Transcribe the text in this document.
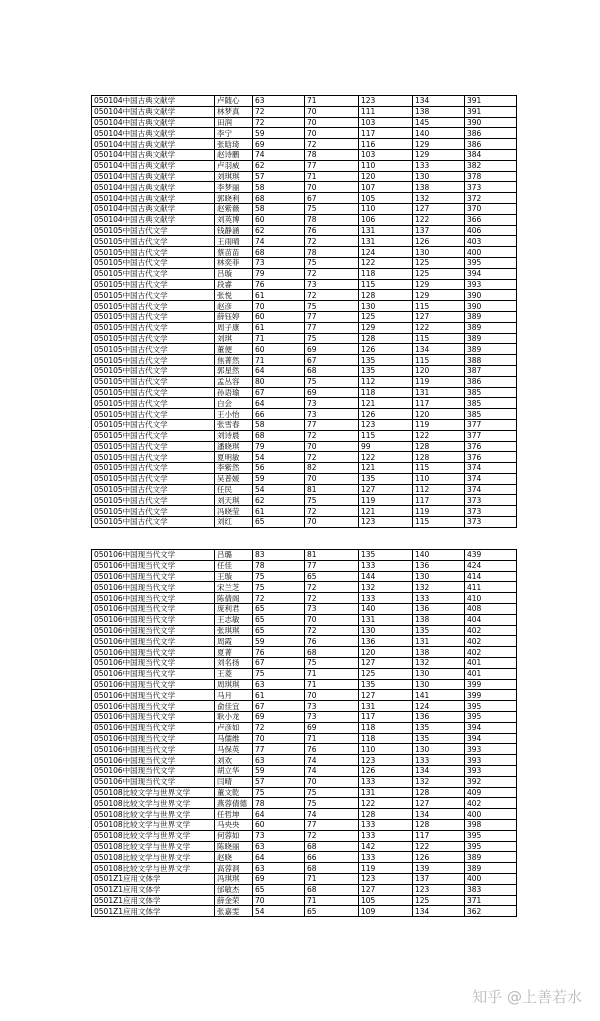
050104中国古典文献学	卢随心	63	71	123	134	391
050104中国古典文献学	林梦真	72	70	111	138	391
050104中国古典文献学	田润	72	70	103	145	390
050104中国古典文献学	李宁	59	70	117	140	386
050104中国古典文献学	张晗琦	69	72	116	129	386
050104中国古典文献学	赵诗鹏	74	78	103	129	384
050104中国古典文献学	卢羽威	62	77	110	133	382
050104中国古典文献学	刘琪琪	57	71	120	130	378
050104中国古典文献学	李梦丽	58	70	107	138	373
050104中国古典文献学	郭晓利	68	67	105	132	372
050104中国古典文献学	赵紫薇	58	75	110	127	370
050104中国古典文献学	刘英博	60	78	106	122	366
050105中国古代文学	钱静涵	62	76	131	137	406
050105中国古代文学	王雨晴	74	72	131	126	403
050105中国古代文学	蔡苗苗	68	78	124	130	400
050105中国古代文学	林奕菲	73	75	122	125	395
050105中国古代文学	吕璇	79	72	118	125	394
050105中国古代文学	段睿	76	73	115	129	393
050105中国古代文学	张悦	61	72	128	129	390
050105中国古代文学	赵彦	70	75	130	115	390
050105中国古代文学	薛钰婷	60	77	125	127	389
050105中国古代文学	周子康	61	77	129	122	389
050105中国古代文学	刘琪	71	75	128	115	389
050105中国古代文学	董便	60	69	126	134	389
050105中国古代文学	焦菁然	71	67	135	115	388
050105中国古代文学	郭星然	64	68	135	120	387
050105中国古代文学	孟丛容	80	75	112	119	386
050105中国古代文学	孙语瑜	67	69	118	131	385
050105中国古代文学	白会	64	73	121	117	385
050105中国古代文学	王小怡	66	73	126	120	385
050105中国古代文学	张雪春	58	77	123	119	377
050105中国古代文学	刘诗晨	68	72	115	122	377
050105中国古代文学	潘晓琪	79	70	99	128	376
050105中国古代文学	夏明敏	54	72	122	128	376
050105中国古代文学	李紫然	56	82	121	115	374
050105中国古代文学	吴普媛	59	70	135	110	374
050105中国古代文学	任民	54	81	127	112	374
050105中国古代文学	刘天琪	62	75	119	117	373
050105中国古代文学	冯晓莹	61	72	121	119	373
050105中国古代文学	刘红	65	70	123	115	373
050106中国现当代文学	吕璐	83	81	135	140	439
050106中国现当代文学	任佳	78	77	133	136	424
050106中国现当代文学	王璇	75	65	144	130	414
050106中国现当代文学	宋兰芝	75	72	132	132	411
050106中国现当代文学	陈倩阁	72	72	133	133	410
050106中国现当代文学	庞利君	65	73	140	136	408
050106中国现当代文学	王志敏	65	70	131	138	404
050106中国现当代文学	张琪琪	65	72	130	135	402
050106中国现当代文学	周霞	59	76	136	131	402
050106中国现当代文学	夏菁	76	68	120	138	402
050106中国现当代文学	刘名扬	67	75	127	132	401
050106中国现当代文学	王菱	75	71	125	130	401
050106中国现当代文学	周琪琪	63	71	135	130	399
050106中国现当代文学	马月	61	70	127	141	399
050106中国现当代文学	俞佳宜	67	73	131	124	395
050106中国现当代文学	耿小龙	69	73	117	136	395
050106中国现当代文学	卢彦如	72	69	118	135	394
050106中国现当代文学	马儒维	70	71	118	135	394
050106中国现当代文学	马保英	77	76	110	130	393
050106中国现当代文学	刘欢	63	74	123	133	393
050106中国现当代文学	胡立华	59	74	126	134	393
050106中国现当代文学	闫晴	57	70	133	132	392
050108比较文学与世界文学	董文乾	75	75	131	128	409
050108比较文学与世界文学	燕蓉倩德	78	75	122	127	402
050108比较文学与世界文学	任哲坤	64	74	128	134	400
050108比较文学与世界文学	马央央	60	77	133	128	398
050108比较文学与世界文学	何蓉如	73	72	133	117	395
050108比较文学与世界文学	陈晓丽	63	68	142	122	395
050108比较文学与世界文学	赵晓	64	66	133	126	389
050108比较文学与世界文学	高蓉洞	63	68	119	139	389
0501Z1应用文体学	冯琪琪	69	71	123	137	400
0501Z1应用文体学	邰敏杰	65	68	127	123	383
0501Z1应用文体学	薛金荣	70	71	105	125	371
0501Z1应用文体学	张嘉雯	54	65	109	134	362
知乎 @上善若水
